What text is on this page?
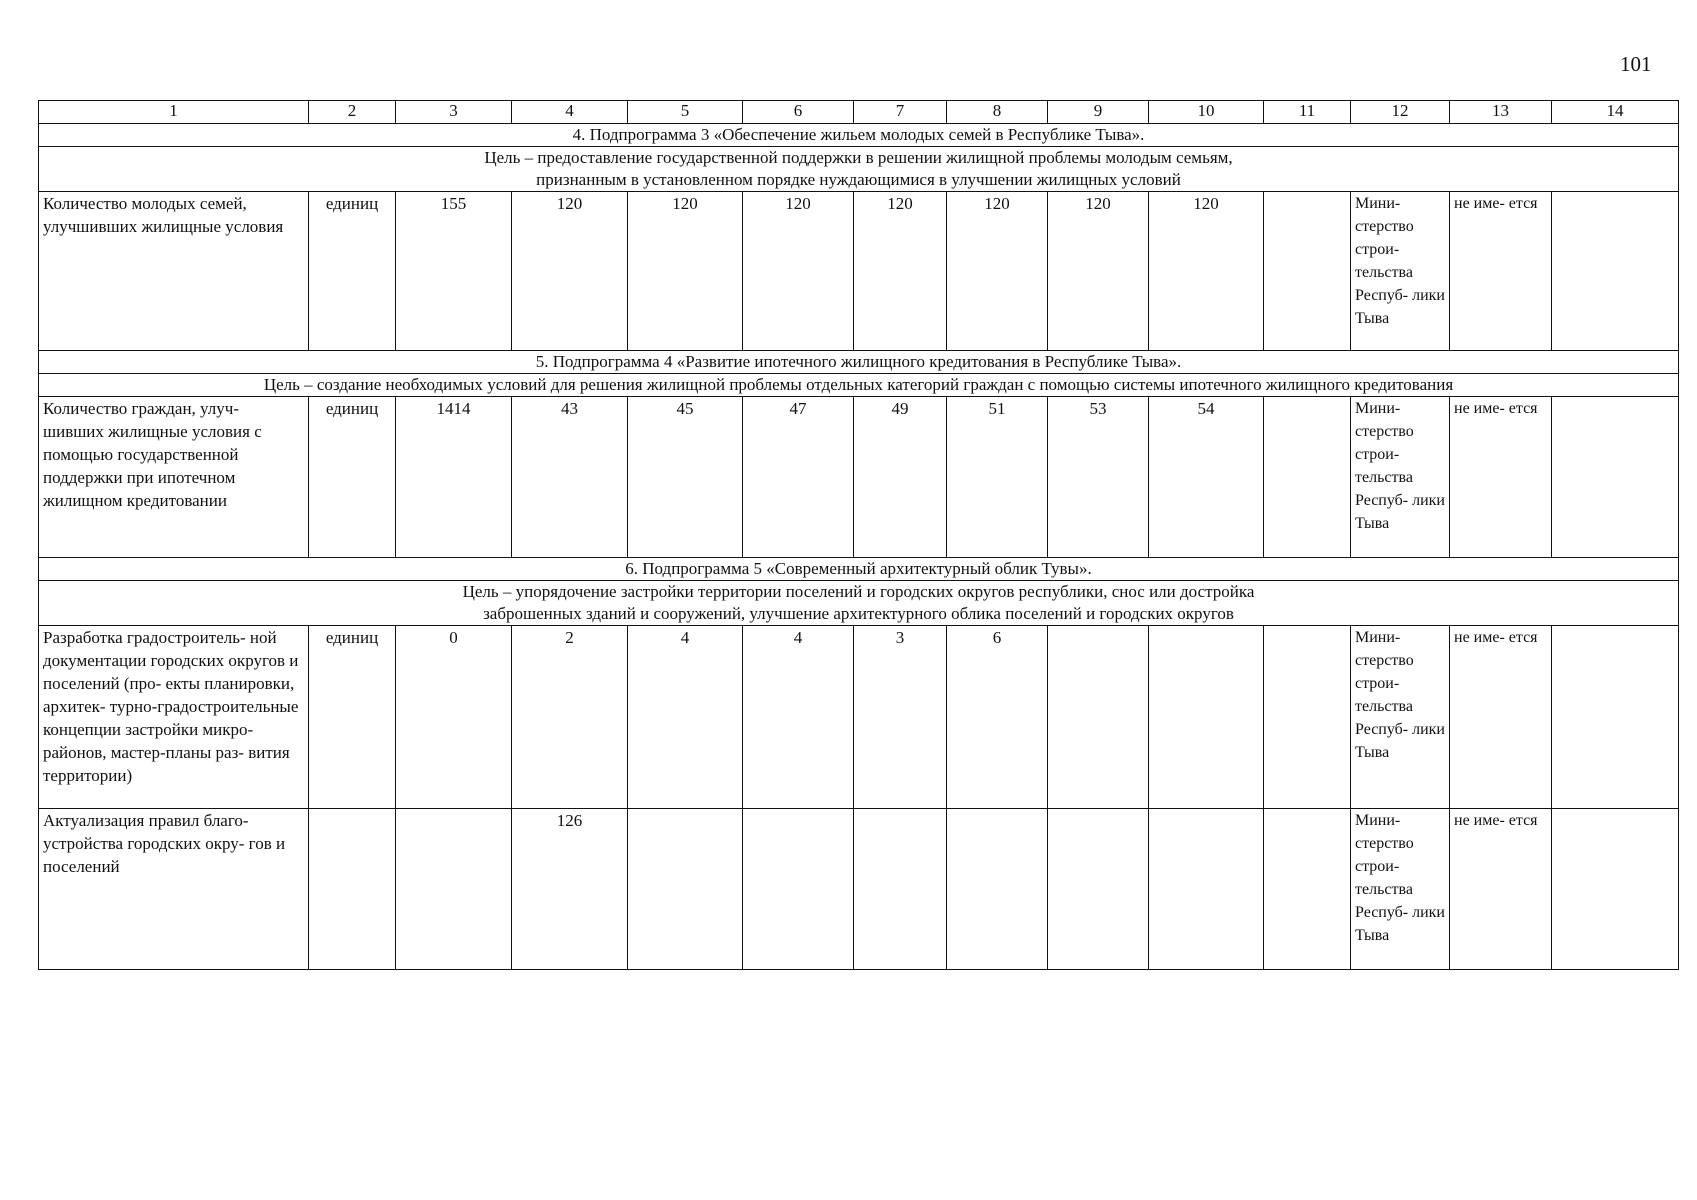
101
1	2	3	4	5	6	7	8	9	10	11	12	13	14
4. Подпрограмма 3 «Обеспечение жильем молодых семей в Республике Тыва».													

Цель – предоставление государственной поддержки в решении жилищной проблемы молодым семьям,
признанным в установленном порядке нуждающимися в улучшении жилищных условий													

Количество молодых семей, улучшивших жилищные условия	единиц	155	120	120	120	120	120	120	120		Мини- стерство строи- тельства Респуб- лики Тыва	не име- ется	
5. Подпрограмма 4 «Развитие ипотечного жилищного кредитования в Республике Тыва».													

Цель – создание необходимых условий для решения жилищной проблемы отдельных категорий граждан с помощью системы ипотечного жилищного кредитования													

Количество граждан, улуч- шивших жилищные условия с помощью государственной поддержки при ипотечном жилищном кредитовании	единиц	1414	43	45	47	49	51	53	54		Мини- стерство строи- тельства Респуб- лики Тыва	не име- ется	
6. Подпрограмма 5 «Современный архитектурный облик Тувы».													

Цель – упорядочение застройки территории поселений и городских округов республики, снос или достройка
заброшенных зданий и сооружений, улучшение архитектурного облика поселений и городских округов													

Разработка градостроитель- ной документации городских округов и поселений (про- екты планировки, архитек- турно-градостроительные концепции застройки микро- районов, мастер-планы раз- вития территории)	единиц	0	2	4	4	3	6				Мини- стерство строи- тельства Респуб- лики Тыва	не име- ется	
Актуализация правил благо- устройства городских окру- гов и поселений			126								Мини- стерство строи- тельства Респуб- лики Тыва	не име- ется	
